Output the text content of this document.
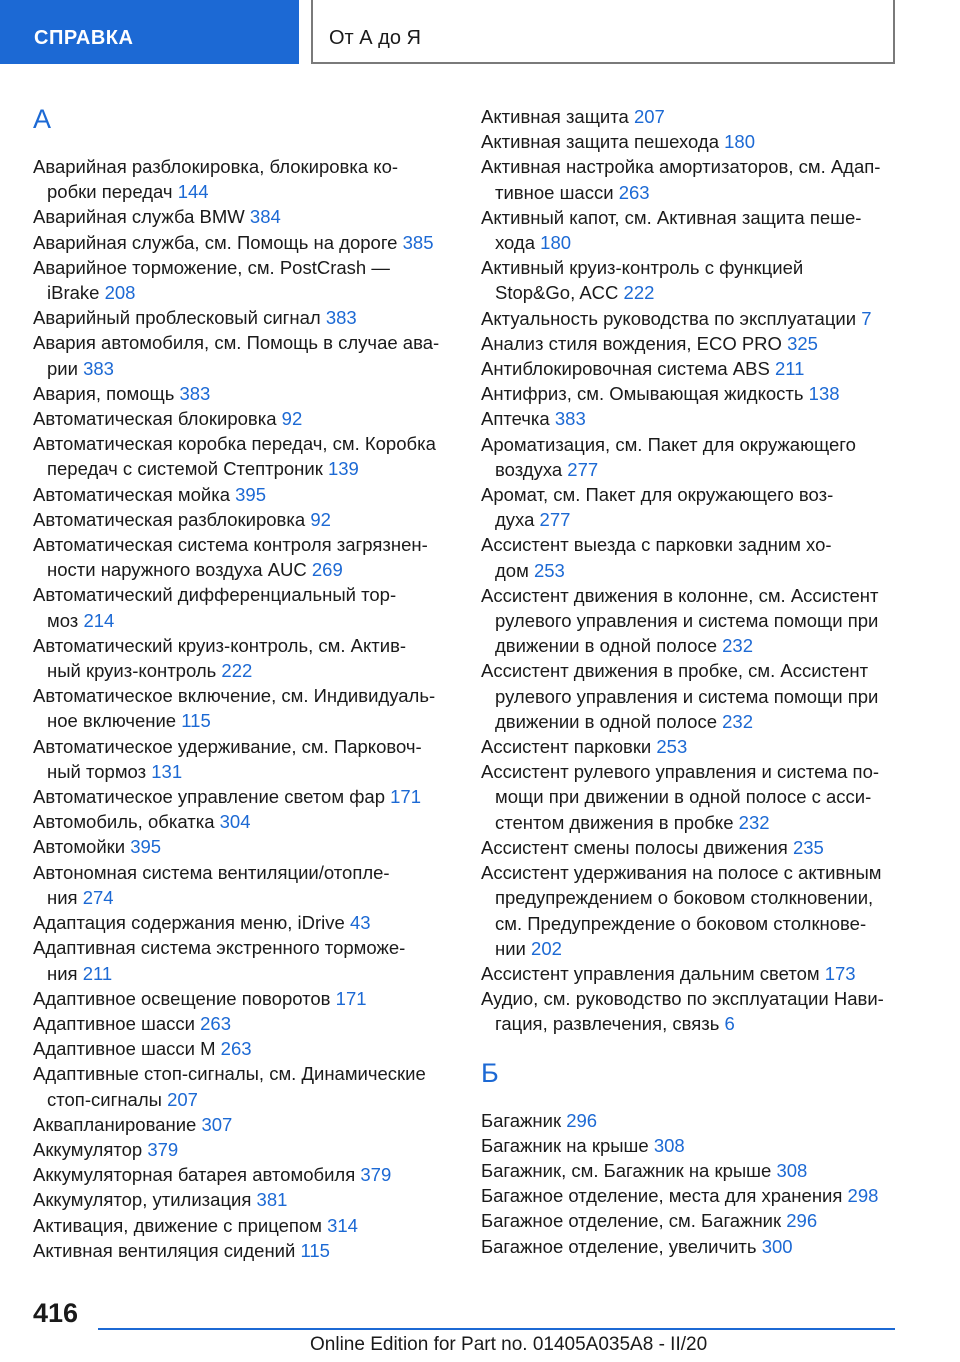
СПРАВКА	От А до Я
А
Аварийная разблокировка, блокировка ко-
робки передач 144
Аварийная служба BMW 384
Аварийная служба, см. Помощь на дороге 385
Аварийное торможение, см. PostCrash —
iBrake 208
Аварийный проблесковый сигнал 383
Авария автомобиля, см. Помощь в случае ава-
рии 383
Авария, помощь 383
Автоматическая блокировка 92
Автоматическая коробка передач, см. Коробка
передач с системой Стептроник 139
Автоматическая мойка 395
Автоматическая разблокировка 92
Автоматическая система контроля загрязнен-
ности наружного воздуха AUC 269
Автоматический дифференциальный тор-
моз 214
Автоматический круиз-контроль, см. Актив-
ный круиз-контроль 222
Автоматическое включение, см. Индивидуаль-
ное включение 115
Автоматическое удерживание, см. Парковоч-
ный тормоз 131
Автоматическое управление светом фар 171
Автомобиль, обкатка 304
Автомойки 395
Автономная система вентиляции/отопле-
ния 274
Адаптация содержания меню, iDrive 43
Адаптивная система экстренного торможе-
ния 211
Адаптивное освещение поворотов 171
Адаптивное шасси 263
Адаптивное шасси M 263
Адаптивные стоп-сигналы, см. Динамические
стоп-сигналы 207
Аквапланирование 307
Аккумулятор 379
Аккумуляторная батарея автомобиля 379
Аккумулятор, утилизация 381
Активация, движение с прицепом 314
Активная вентиляция сидений 115
Активная защита 207
Активная защита пешехода 180
Активная настройка амортизаторов, см. Адап-
тивное шасси 263
Активный капот, см. Активная защита пеше-
хода 180
Активный круиз-контроль с функцией
Stop&Go, ACC 222
Актуальность руководства по эксплуатации 7
Анализ стиля вождения, ECO PRO 325
Антиблокировочная система ABS 211
Антифриз, см. Омывающая жидкость 138
Аптечка 383
Ароматизация, см. Пакет для окружающего
воздуха 277
Аромат, см. Пакет для окружающего воз-
духа 277
Ассистент выезда с парковки задним хо-
дом 253
Ассистент движения в колонне, см. Ассистент
рулевого управления и система помощи при
движении в одной полосе 232
Ассистент движения в пробке, см. Ассистент
рулевого управления и система помощи при
движении в одной полосе 232
Ассистент парковки 253
Ассистент рулевого управления и система по-
мощи при движении в одной полосе с асси-
стентом движения в пробке 232
Ассистент смены полосы движения 235
Ассистент удерживания на полосе с активным
предупреждением о боковом столкновении,
см. Предупреждение о боковом столкнове-
нии 202
Ассистент управления дальним светом 173
Аудио, см. руководство по эксплуатации Нави-
гация, развлечения, связь 6
Б
Багажник 296
Багажник на крыше 308
Багажник, см. Багажник на крыше 308
Багажное отделение, места для хранения 298
Багажное отделение, см. Багажник 296
Багажное отделение, увеличить 300
416
Online Edition for Part no. 01405A035A8 - II/20
